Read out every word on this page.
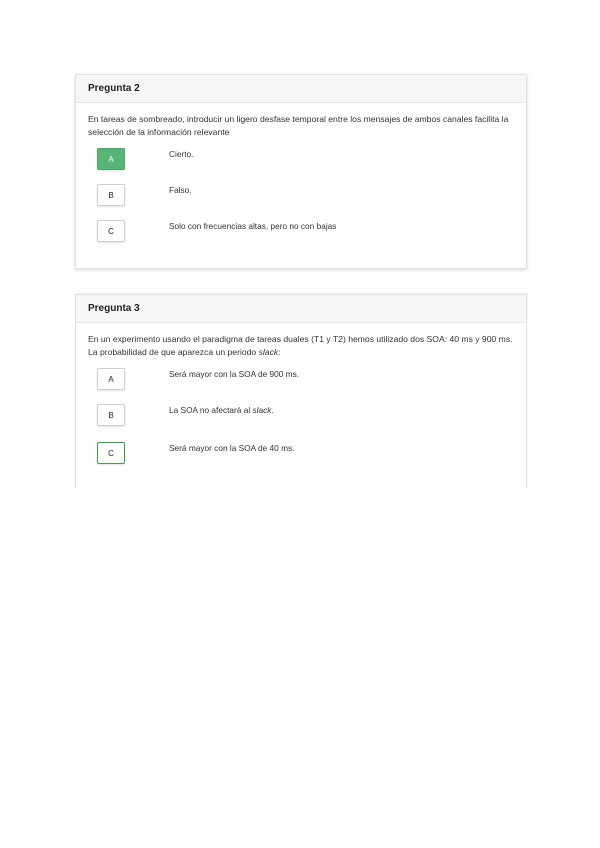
Pregunta 2
En tareas de sombreado, introducir un ligero desfase temporal entre los mensajes de ambos canales facilita la selección de la información relevante
A	Cierto.
B	Falso.
C	Solo con frecuencias altas, pero no con bajas
Pregunta 3
En un experimento usando el paradigma de tareas duales (T1 y T2) hemos utilizado dos SOA: 40 ms y 900 ms. La probabilidad de que aparezca un periodo slack:
A	Será mayor con la SOA de 900 ms.
B	La SOA no afectará al slack.
C	Será mayor con la SOA de 40 ms.
